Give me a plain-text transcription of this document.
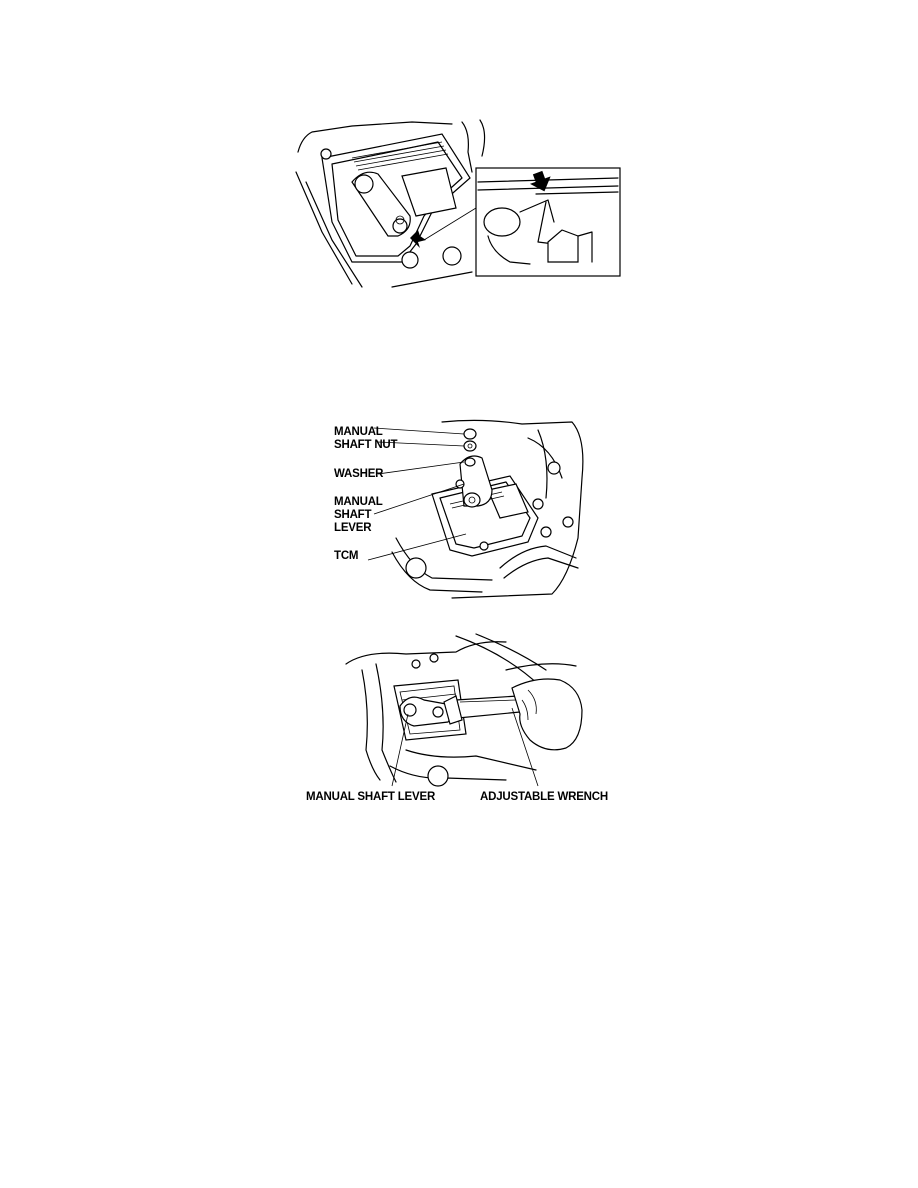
MANUAL
SHAFT NUT
WASHER
MANUAL
SHAFT
LEVER
TCM
MANUAL SHAFT LEVER	ADJUSTABLE WRENCH
